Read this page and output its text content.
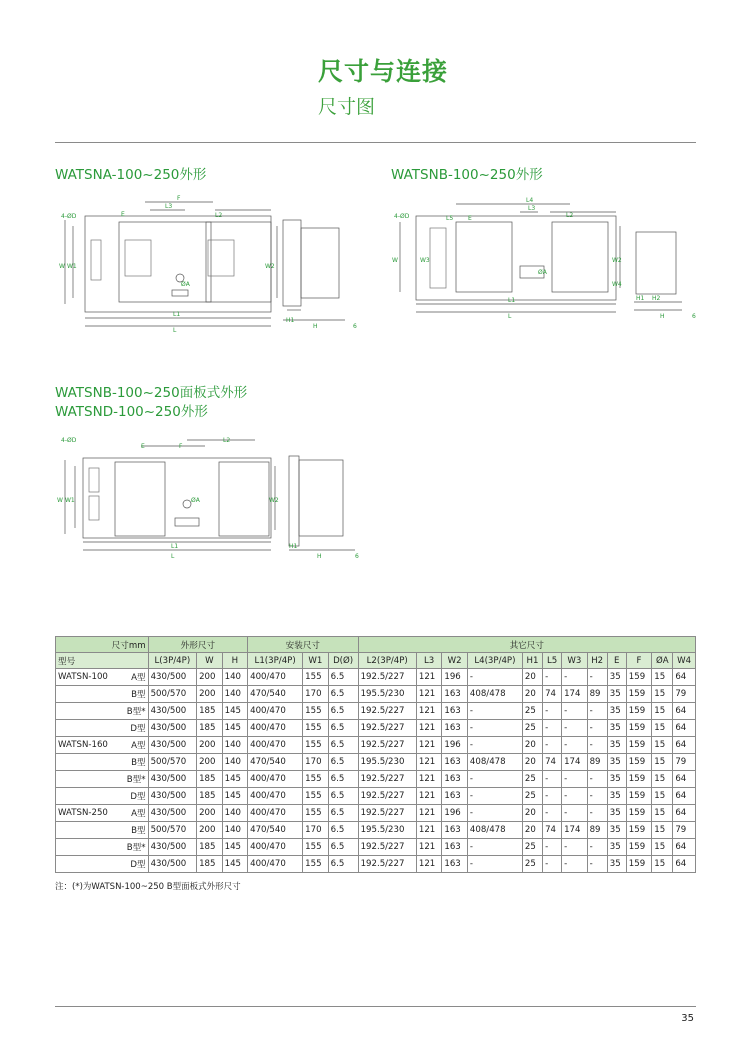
尺寸与连接
尺寸图
WATSNA-100~250外形	WATSNB-100~250外形
WATSNB-100~250面板式外形
WATSND-100~250外形
4-ØD	E
F
L3
L2
W W1	W2
L1
L
ØA
H1
H	6
4-ØD	L5 E
L4
L3
L2
W	W3	W2
W4
ØA
L1
L
H1 H2
H	6
4-ØD
E	F
L2
W W1	W2
ØA
L1
L
H1
H	6
尺寸mm		外形尺寸			安装尺寸			其它尺寸											
型号		L(3P/4P)	W	H	L1(3P/4P)	W1	D(Ø)	L2(3P/4P)	L3	W2	L4(3P/4P)	H1	L5	W3	H2	E	F	ØA	W4
WATSN-100	A型	430/500	200	140	400/470	155	6.5	192.5/227	121	196	-	20	-	-	-	35	159	15	64
	B型	500/570	200	140	470/540	170	6.5	195.5/230	121	163	408/478	20	74	174	89	35	159	15	79
	B型*	430/500	185	145	400/470	155	6.5	192.5/227	121	163	-	25	-	-	-	35	159	15	64
	D型	430/500	185	145	400/470	155	6.5	192.5/227	121	163	-	25	-	-	-	35	159	15	64
WATSN-160	A型	430/500	200	140	400/470	155	6.5	192.5/227	121	196	-	20	-	-	-	35	159	15	64
	B型	500/570	200	140	470/540	170	6.5	195.5/230	121	163	408/478	20	74	174	89	35	159	15	79
	B型*	430/500	185	145	400/470	155	6.5	192.5/227	121	163	-	25	-	-	-	35	159	15	64
	D型	430/500	185	145	400/470	155	6.5	192.5/227	121	163	-	25	-	-	-	35	159	15	64
WATSN-250	A型	430/500	200	140	400/470	155	6.5	192.5/227	121	196	-	20	-	-	-	35	159	15	64
	B型	500/570	200	140	470/540	170	6.5	195.5/230	121	163	408/478	20	74	174	89	35	159	15	79
	B型*	430/500	185	145	400/470	155	6.5	192.5/227	121	163	-	25	-	-	-	35	159	15	64
	D型	430/500	185	145	400/470	155	6.5	192.5/227	121	163	-	25	-	-	-	35	159	15	64
注：(*)为WATSN-100~250 B型面板式外形尺寸
35
